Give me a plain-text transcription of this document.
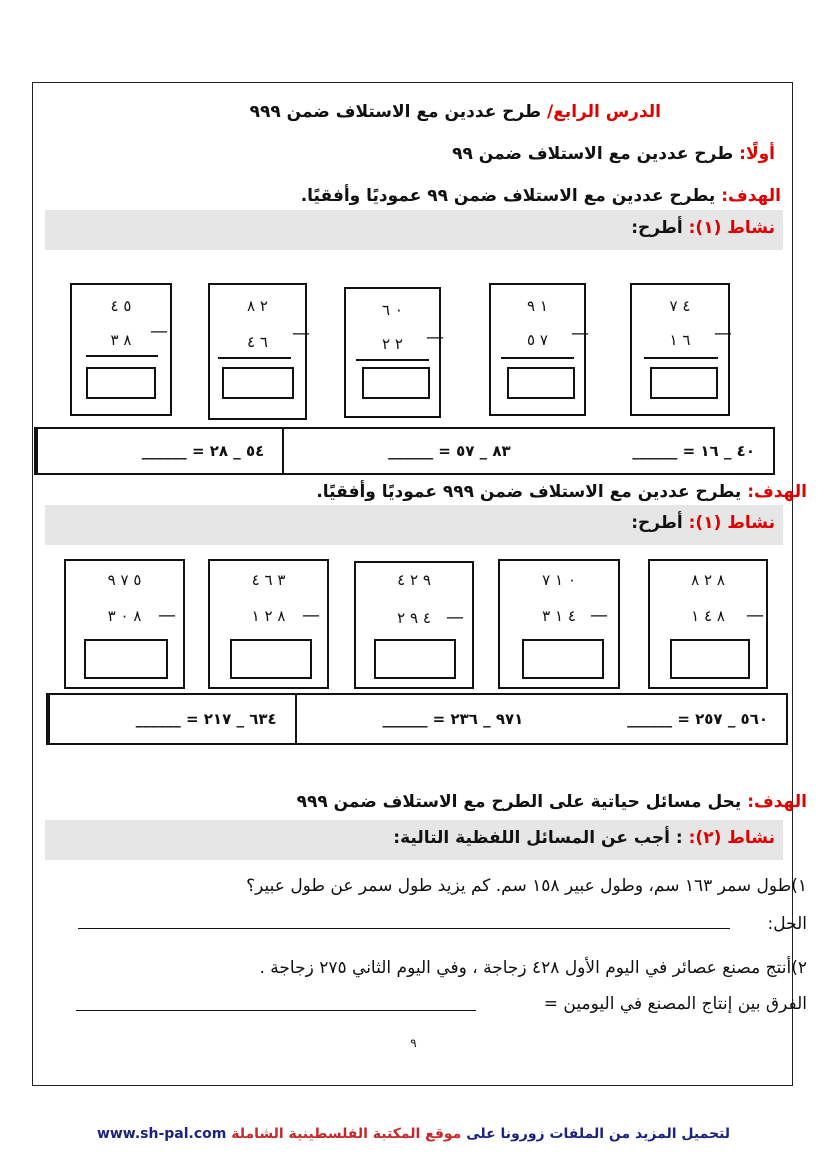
الدرس الرابع/ طرح عددين مع الاستلاف ضمن ٩٩٩
أولًا: طرح عددين مع الاستلاف ضمن ٩٩
الهدف: يطرح عددين مع الاستلاف ضمن ٩٩ عموديًا وأفقيًا.
نشاط (١): أطرح:
٤ ٧
—
٦ ١
١ ٩
—
٧ ٥
٠ ٦
—
٢ ٢
٢ ٨
—
٦ ٤
٥ ٤
—
٨ ٣
٥٤ _ ٢٨ = ______	٨٣ _ ٥٧ = ______	٤٠ _ ١٦ = ______
الهدف: يطرح عددين مع الاستلاف ضمن ٩٩٩ عموديًا وأفقيًا.
نشاط (١): أطرح:
٨ ٢ ٨
—
٨ ٤ ١
٠ ١ ٧
—
٤ ١ ٣
٩ ٢ ٤
—
٤ ٩ ٢
٣ ٦ ٤
—
٨ ٢ ١
٥ ٧ ٩
—
٨ ٠ ٣
٦٣٤ _ ٢١٧ = ______	٩٧١ _ ٢٣٦ = ______	٥٦٠ _ ٢٥٧ = ______
الهدف: يحل مسائل حياتية على الطرح مع الاستلاف ضمن ٩٩٩
نشاط (٢): : أجب عن المسائل اللفظية التالية:
١)طول سمر ١٦٣ سم، وطول عبير ١٥٨ سم. كم يزيد طول سمر عن طول عبير؟
الحل:
٢)أنتج مصنع عصائر في اليوم الأول ٤٢٨ زجاجة ، وفي اليوم الثاني ٢٧٥ زجاجة .
الفرق بين إنتاج المصنع في اليومين =
٩
لتحميل المزيد من الملفات زورونا على موقع المكتبة الفلسطينية الشاملة www.sh-pal.com
